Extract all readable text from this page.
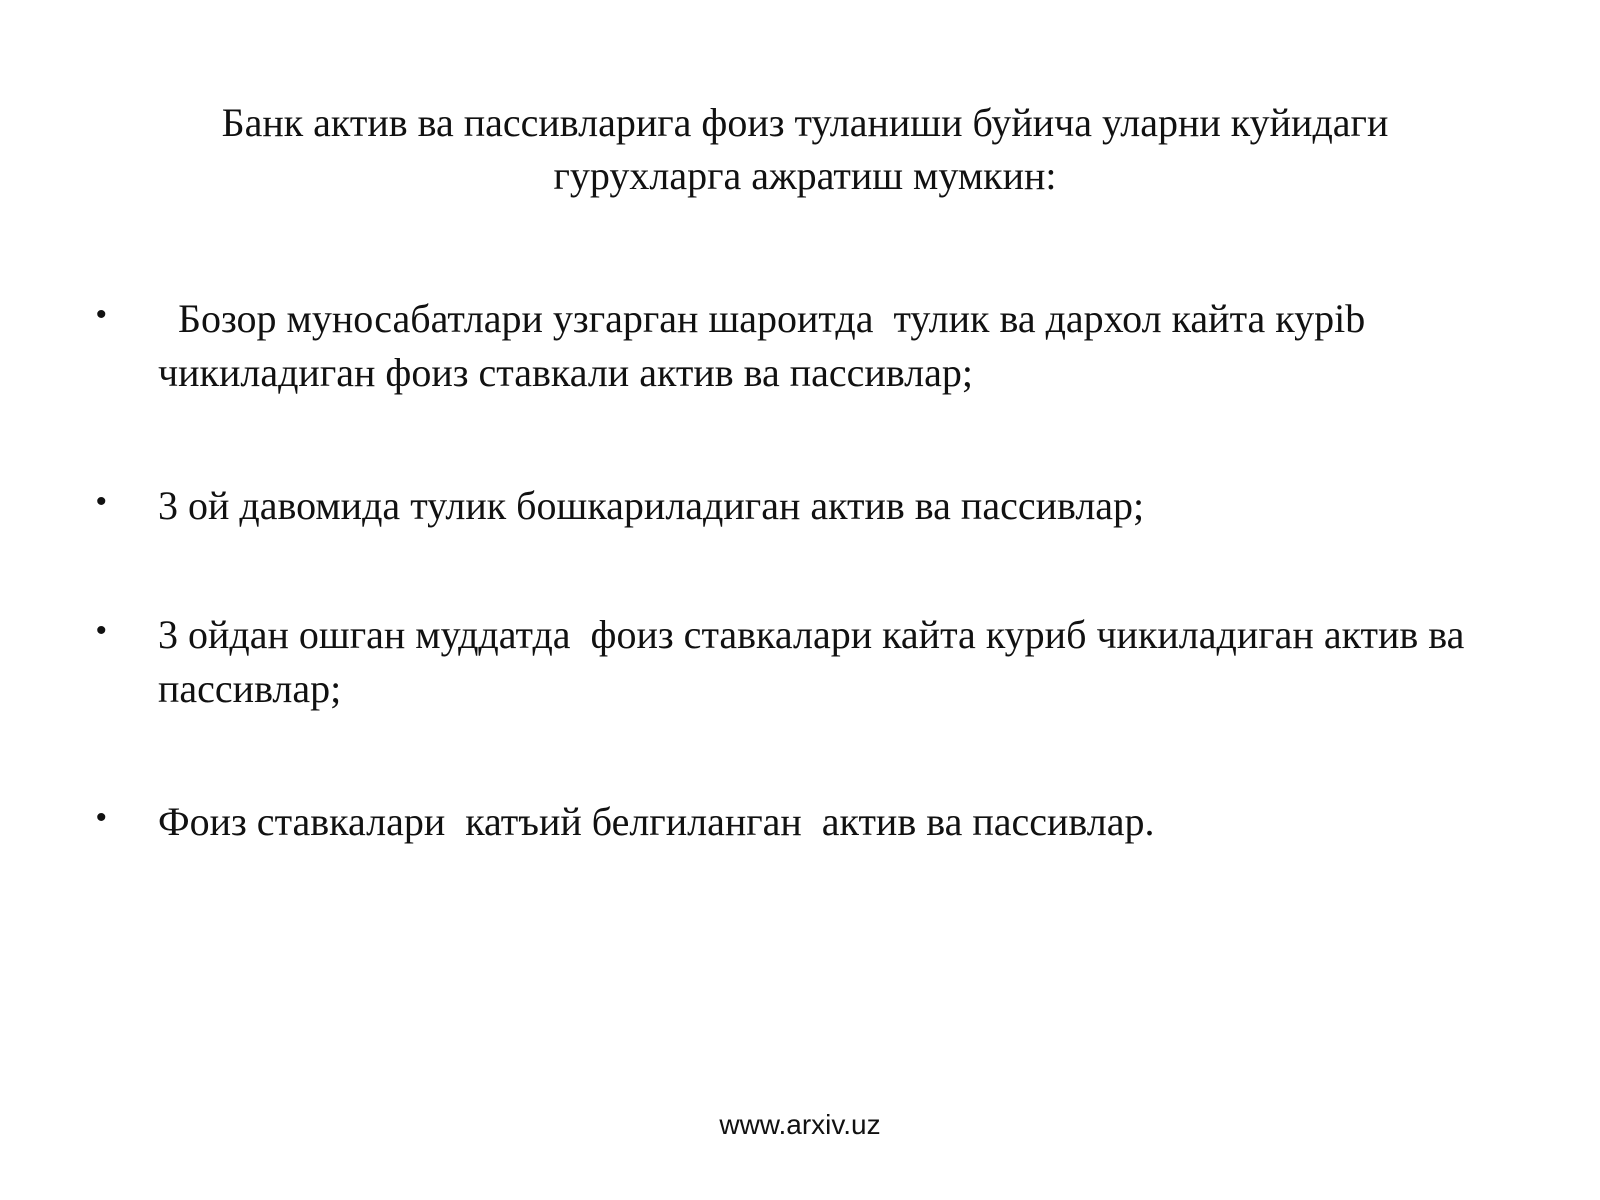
Банк актив ва пассивларига фоиз туланиши буйича уларни куйидаги
гурухларга ажратиш мумкин:
• Бозор муносабатлари узгарган шароитда  тулик ва дархол кайта курib чикиладиган фоиз ставкали актив ва пассивлар;
• 3 ой давомида тулик бошкариладиган актив ва пассивлар;
• 3 ойдан ошган муддатда  фоиз ставкалари кайта куриб чикиладиган актив ва пассивлар;
• Фоиз ставкалари  катъий белгиланган  актив ва пассивлар.
www.arxiv.uz
